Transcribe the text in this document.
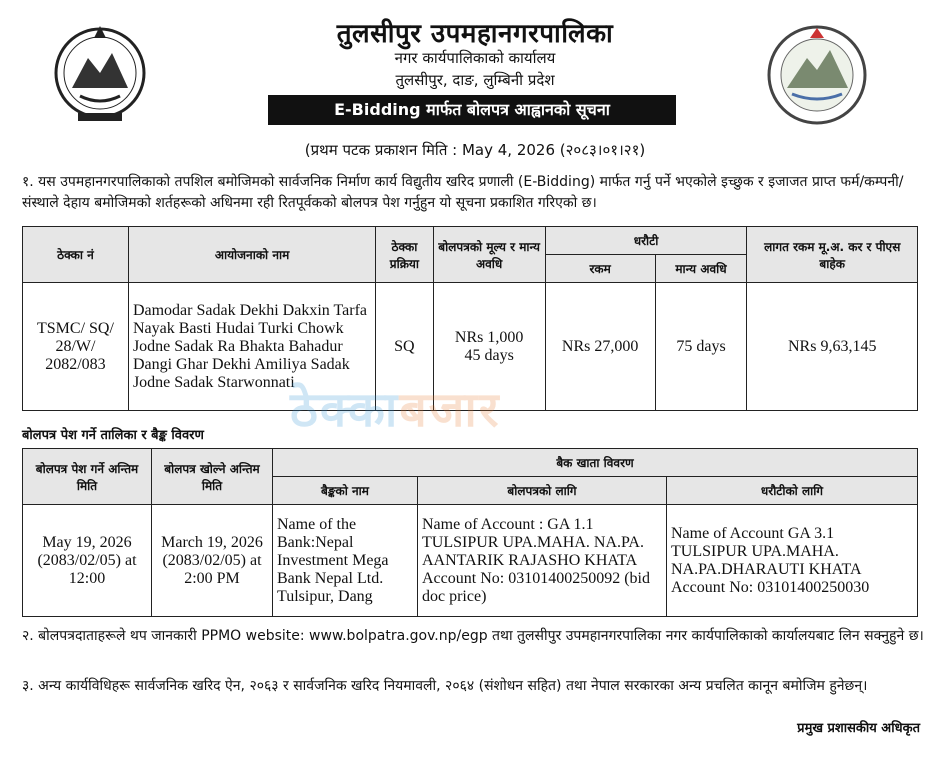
तुलसीपुर उपमहानगरपालिका
नगर कार्यपालिकाको कार्यालय
तुलसीपुर, दाङ, लुम्बिनी प्रदेश
E-Bidding मार्फत बोलपत्र आह्वानको सूचना
(प्रथम पटक प्रकाशन मिति : May 4, 2026 (२०८३।०१।२१)
१. यस उपमहानगरपालिकाको तपशिल बमोजिमको सार्वजनिक निर्माण कार्य विद्युतीय खरिद प्रणाली (E-Bidding) मार्फत गर्नु पर्ने भएकोले इच्छुक र इजाजत प्राप्त फर्म/कम्पनी/संस्थाले देहाय बमोजिमको शर्तहरूको अधिनमा रही रितपूर्वकको बोलपत्र पेश गर्नुहुन यो सूचना प्रकाशित गरिएको छ।
ठेक्का नं	आयोजनाको नाम	ठेक्का प्रक्रिया	बोलपत्रको मूल्य र मान्य अवधि	धरौटी		लागत रकम मू.अ. कर र पीएस बाहेक
				रकम	मान्य अवधि	
TSMC/ SQ/ 28/W/ 2082/083	Damodar Sadak Dekhi Dakxin Tarfa Nayak Basti Hudai Turki Chowk Jodne Sadak Ra Bhakta Bahadur Dangi Ghar Dekhi Amiliya Sadak Jodne Sadak Starwonnati	SQ	NRs 1,000
45 days	NRs 27,000	75 days	NRs 9,63,145
ठेक्काबजार
बोलपत्र पेश गर्ने तालिका र बैङ्क विवरण
बोलपत्र पेश गर्ने अन्तिम मिति	बोलपत्र खोल्ने अन्तिम मिति	बैक खाता विवरण		
		बैङ्कको नाम	बोलपत्रको लागि	धरौटीको लागि
May 19, 2026 (2083/02/05) at 12:00	March 19, 2026 (2083/02/05) at 2:00 PM	Name of the Bank:Nepal Investment Mega Bank Nepal Ltd. Tulsipur, Dang	Name of Account : GA 1.1 TULSIPUR UPA.MAHA. NA.PA. AANTARIK RAJASHO KHATA Account No: 03101400250092 (bid doc price)	Name of Account GA 3.1 TULSIPUR UPA.MAHA. NA.PA.DHARAUTI KHATA Account No: 03101400250030
२. बोलपत्रदाताहरूले थप जानकारी PPMO website: www.bolpatra.gov.np/egp तथा तुलसीपुर उपमहानगरपालिका नगर कार्यपालिकाको कार्यालयबाट लिन सक्नुहुने छ।
३. अन्य कार्यविधिहरू सार्वजनिक खरिद ऐन, २०६३ र सार्वजनिक खरिद नियमावली, २०६४ (संशोधन सहित) तथा नेपाल सरकारका अन्य प्रचलित कानून बमोजिम हुनेछन्।
प्रमुख प्रशासकीय अधिकृत
